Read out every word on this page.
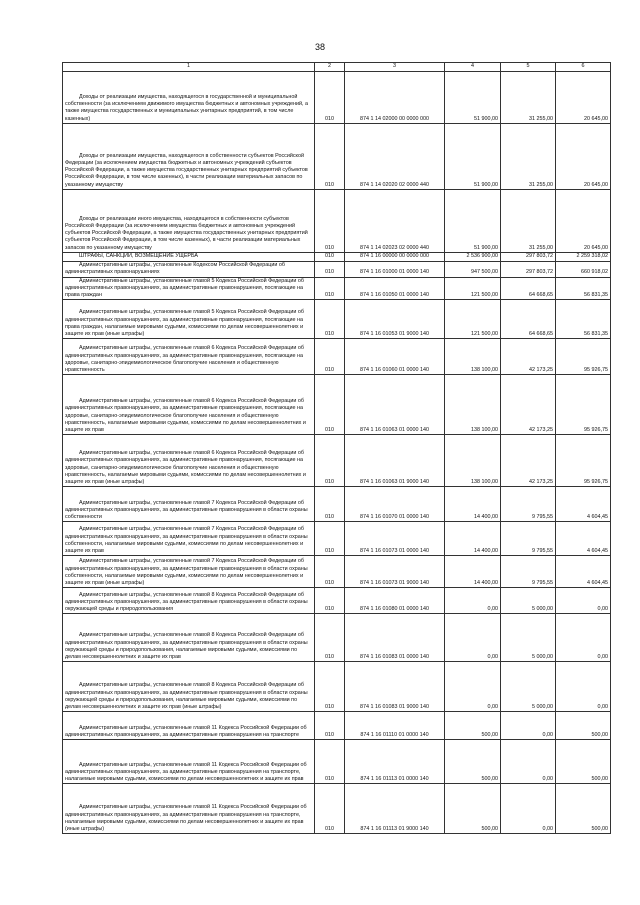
38
1	2	3	4	5	6

Доходы от реализации имущества, находящегося в государственной и муниципальной собственности (за исключением движимого имущества бюджетных и автономных учреждений, а также имущества государственных и муниципальных унитарных предприятий, в том числе казенных)	010	874 1 14 02000 00 0000 000	51 900,00	31 255,00	20 645,00

Доходы от реализации имущества, находящегося в собственности субъектов Российской Федерации (за исключением имущества бюджетных и автономных учреждений субъектов Российской Федерации, а также имущества государственных унитарных предприятий субъектов Российской Федерации, в том числе казенных), в части реализации материальных запасов по указанному имуществу	010	874 1 14 02020 02 0000 440	51 900,00	31 255,00	20 645,00

Доходы от реализации иного имущества, находящегося в собственности субъектов Российской Федерации (за исключением имущества бюджетных и автономных учреждений субъектов Российской Федерации, а также имущества государственных унитарных предприятий субъектов Российской Федерации, в том числе казенных), в части реализации материальных запасов по указанному имуществу	010	874 1 14 02023 02 0000 440	51 900,00	31 255,00	20 645,00

ШТРАФЫ, САНКЦИИ, ВОЗМЕЩЕНИЕ УЩЕРБА	010	874 1 16 00000 00 0000 000	2 536 900,00	297 803,72	2 259 318,02

Административные штрафы, установленные Кодексом Российской Федерации об административных правонарушениях	010	874 1 16 01000 01 0000 140	947 500,00	297 803,72	660 918,02

Административные штрафы, установленные главой 5 Кодекса Российской Федерации об административных правонарушениях, за административные правонарушения, посягающие на права граждан	010	874 1 16 01050 01 0000 140	121 500,00	64 668,65	56 831,35

Административные штрафы, установленные главой 5 Кодекса Российской Федерации об административных правонарушениях, за административные правонарушения, посягающие на права граждан, налагаемые мировыми судьями, комиссиями по делам несовершеннолетних и защите их прав (иные штрафы)	010	874 1 16 01053 01 9000 140	121 500,00	64 668,65	56 831,35

Административные штрафы, установленные главой 6 Кодекса Российской Федерации об административных правонарушениях, за административные правонарушения, посягающие на здоровье, санитарно-эпидемиологическое благополучие населения и общественную нравственность	010	874 1 16 01060 01 0000 140	138 100,00	42 173,25	95 926,75

Административные штрафы, установленные главой 6 Кодекса Российской Федерации об административных правонарушениях, за административные правонарушения, посягающие на здоровье, санитарно-эпидемиологическое благополучие населения и общественную нравственность, налагаемые мировыми судьями, комиссиями по делам несовершеннолетних и защите их прав	010	874 1 16 01063 01 0000 140	138 100,00	42 173,25	95 926,75

Административные штрафы, установленные главой 6 Кодекса Российской Федерации об административных правонарушениях, за административные правонарушения, посягающие на здоровье, санитарно-эпидемиологическое благополучие населения и общественную нравственность, налагаемые мировыми судьями, комиссиями по делам несовершеннолетних и защите их прав (иные штрафы)	010	874 1 16 01063 01 9000 140	138 100,00	42 173,25	95 926,75

Административные штрафы, установленные главой 7 Кодекса Российской Федерации об административных правонарушениях, за административные правонарушения в области охраны собственности	010	874 1 16 01070 01 0000 140	14 400,00	9 795,55	4 604,45

Административные штрафы, установленные главой 7 Кодекса Российской Федерации об административных правонарушениях, за административные правонарушения в области охраны собственности, налагаемые мировыми судьями, комиссиями по делам несовершеннолетних и защите их прав	010	874 1 16 01073 01 0000 140	14 400,00	9 795,55	4 604,45

Административные штрафы, установленные главой 7 Кодекса Российской Федерации об административных правонарушениях, за административные правонарушения в области охраны собственности, налагаемые мировыми судьями, комиссиями по делам несовершеннолетних и защите их прав (иные штрафы)	010	874 1 16 01073 01 9000 140	14 400,00	9 795,55	4 604,45

Административные штрафы, установленные главой 8 Кодекса Российской Федерации об административных правонарушениях, за административные правонарушения в области охраны окружающей среды и природопользования	010	874 1 16 01080 01 0000 140	0,00	5 000,00	0,00

Административные штрафы, установленные главой 8 Кодекса Российской Федерации об административных правонарушениях, за административные правонарушения в области охраны окружающей среды и природопользования, налагаемые мировыми судьями, комиссиями по делам несовершеннолетних и защите их прав	010	874 1 16 01083 01 0000 140	0,00	5 000,00	0,00

Административные штрафы, установленные главой 8 Кодекса Российской Федерации об административных правонарушениях, за административные правонарушения в области охраны окружающей среды и природопользования, налагаемые мировыми судьями, комиссиями по делам несовершеннолетних и защите их прав (иные штрафы)	010	874 1 16 01083 01 9000 140	0,00	5 000,00	0,00

Административные штрафы, установленные главой 11 Кодекса Российской Федерации об административных правонарушениях, за административные правонарушения на транспорте	010	874 1 16 01110 01 0000 140	500,00	0,00	500,00

Административные штрафы, установленные главой 11 Кодекса Российской Федерации об административных правонарушениях, за административные правонарушения на транспорте, налагаемые мировыми судьями, комиссиями по делам несовершеннолетних и защите их прав	010	874 1 16 01113 01 0000 140	500,00	0,00	500,00

Административные штрафы, установленные главой 11 Кодекса Российской Федерации об административных правонарушениях, за административные правонарушения на транспорте, налагаемые мировыми судьями, комиссиями по делам несовершеннолетних и защите их прав (иные штрафы)	010	874 1 16 01113 01 9000 140	500,00	0,00	500,00
